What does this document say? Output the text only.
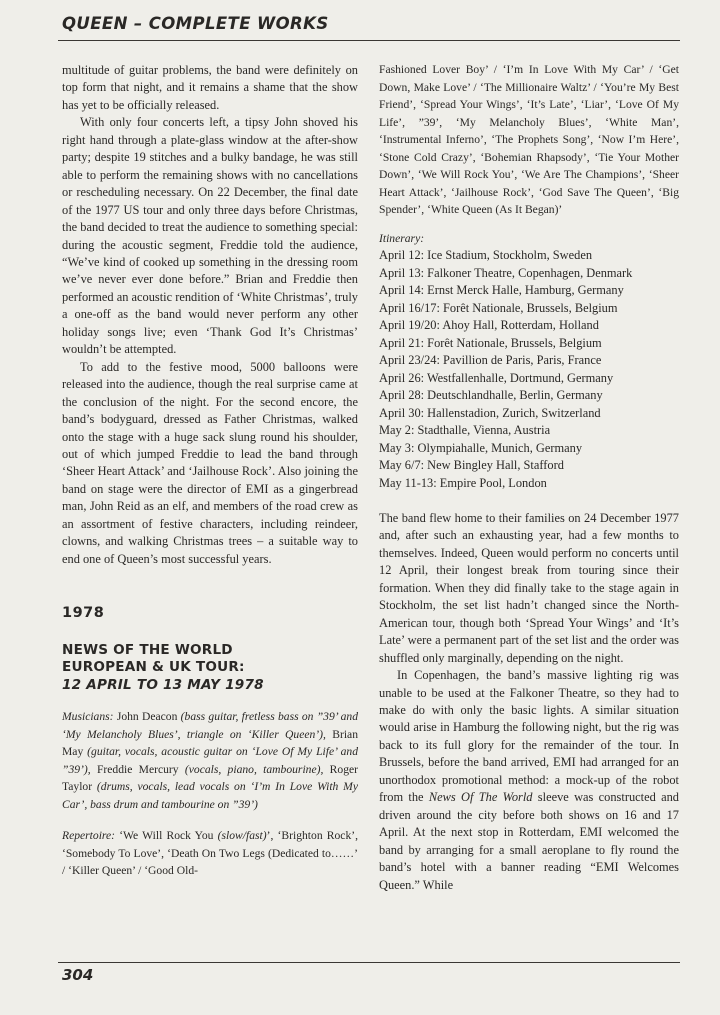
QUEEN – COMPLETE WORKS

multitude of guitar problems, the band were definitely on top form that night, and it remains a shame that the show has yet to be officially released.

With only four concerts left, a tipsy John shoved his right hand through a plate-glass window at the after-show party; despite 19 stitches and a bulky bandage, he was still able to perform the remaining shows with no cancellations or rescheduling necessary. On 22 December, the final date of the 1977 US tour and only three days before Christmas, the band decided to treat the audience to something special: during the acoustic segment, Freddie told the audience, “We’ve kind of cooked up something in the dressing room we’ve never ever done before.” Brian and Freddie then performed an acoustic rendition of ‘White Christmas’, truly a one-off as the band would never perform any other holiday songs live; even ‘Thank God It’s Christmas’ wouldn’t be attempted.

To add to the festive mood, 5000 balloons were released into the audience, though the real surprise came at the conclusion of the night. For the second encore, the band’s bodyguard, dressed as Father Christmas, walked onto the stage with a huge sack slung round his shoulder, out of which jumped Freddie to lead the band through ‘Sheer Heart Attack’ and ‘Jailhouse Rock’. Also joining the band on stage were the director of EMI as a gingerbread man, John Reid as an elf, and members of the road crew as an assortment of festive characters, including reindeer, clowns, and walking Christmas trees – a suitable way to end one of Queen’s most successful years.

1978
NEWS OF THE WORLD
EUROPEAN & UK TOUR:
12 APRIL TO 13 MAY 1978

Musicians: John Deacon (bass guitar, fretless bass on ”39’ and ‘My Melancholy Blues’, triangle on ‘Killer Queen’), Brian May (guitar, vocals, acoustic guitar on ‘Love Of My Life’ and ”39’), Freddie Mercury (vocals, piano, tambourine), Roger Taylor (drums, vocals, lead vocals on ‘I’m In Love With My Car’, bass drum and tambourine on ”39’)

Repertoire: ‘We Will Rock You (slow/fast)’, ‘Brighton Rock’, ‘Somebody To Love’, ‘Death On Two Legs (Dedicated to……’ / ‘Killer Queen’ / ‘Good Old-

Fashioned Lover Boy’ / ‘I’m In Love With My Car’ / ‘Get Down, Make Love’ / ‘The Millionaire Waltz’ / ‘You’re My Best Friend’, ‘Spread Your Wings’, ‘It’s Late’, ‘Liar’, ‘Love Of My Life’, ”39’, ‘My Melancholy Blues’, ‘White Man’, ‘Instrumental Inferno’, ‘The Prophets Song’, ‘Now I’m Here’, ‘Stone Cold Crazy’, ‘Bohemian Rhapsody’, ‘Tie Your Mother Down’, ‘We Will Rock You’, ‘We Are The Champions’, ‘Sheer Heart Attack’, ‘Jailhouse Rock’, ‘God Save The Queen’, ‘Big Spender’, ‘White Queen (As It Began)’

Itinerary:
April 12: Ice Stadium, Stockholm, Sweden
April 13: Falkoner Theatre, Copenhagen, Denmark
April 14: Ernst Merck Halle, Hamburg, Germany
April 16/17: Forêt Nationale, Brussels, Belgium
April 19/20: Ahoy Hall, Rotterdam, Holland
April 21: Forêt Nationale, Brussels, Belgium
April 23/24: Pavillion de Paris, Paris, France
April 26: Westfallenhalle, Dortmund, Germany
April 28: Deutschlandhalle, Berlin, Germany
April 30: Hallenstadion, Zurich, Switzerland
May 2: Stadthalle, Vienna, Austria
May 3: Olympiahalle, Munich, Germany
May 6/7: New Bingley Hall, Stafford
May 11-13: Empire Pool, London

The band flew home to their families on 24 December 1977 and, after such an exhausting year, had a few months to themselves. Indeed, Queen would perform no concerts until 12 April, their longest break from touring since their formation. When they did finally take to the stage again in Stockholm, the set list hadn’t changed since the North-American tour, though both ‘Spread Your Wings’ and ‘It’s Late’ were a permanent part of the set list and the order was shuffled only marginally, depending on the night.

In Copenhagen, the band’s massive lighting rig was unable to be used at the Falkoner Theatre, so they had to make do with only the basic lights. A similar situation would arise in Hamburg the following night, but the rig was back to its full glory for the remainder of the tour. In Brussels, before the band arrived, EMI had arranged for an unorthodox promotional method: a mock-up of the robot from the News Of The World sleeve was constructed and driven around the city before both shows on 16 and 17 April. At the next stop in Rotterdam, EMI welcomed the band by arranging for a small aeroplane to fly round the band’s hotel with a banner reading “EMI Welcomes Queen.” While

304
